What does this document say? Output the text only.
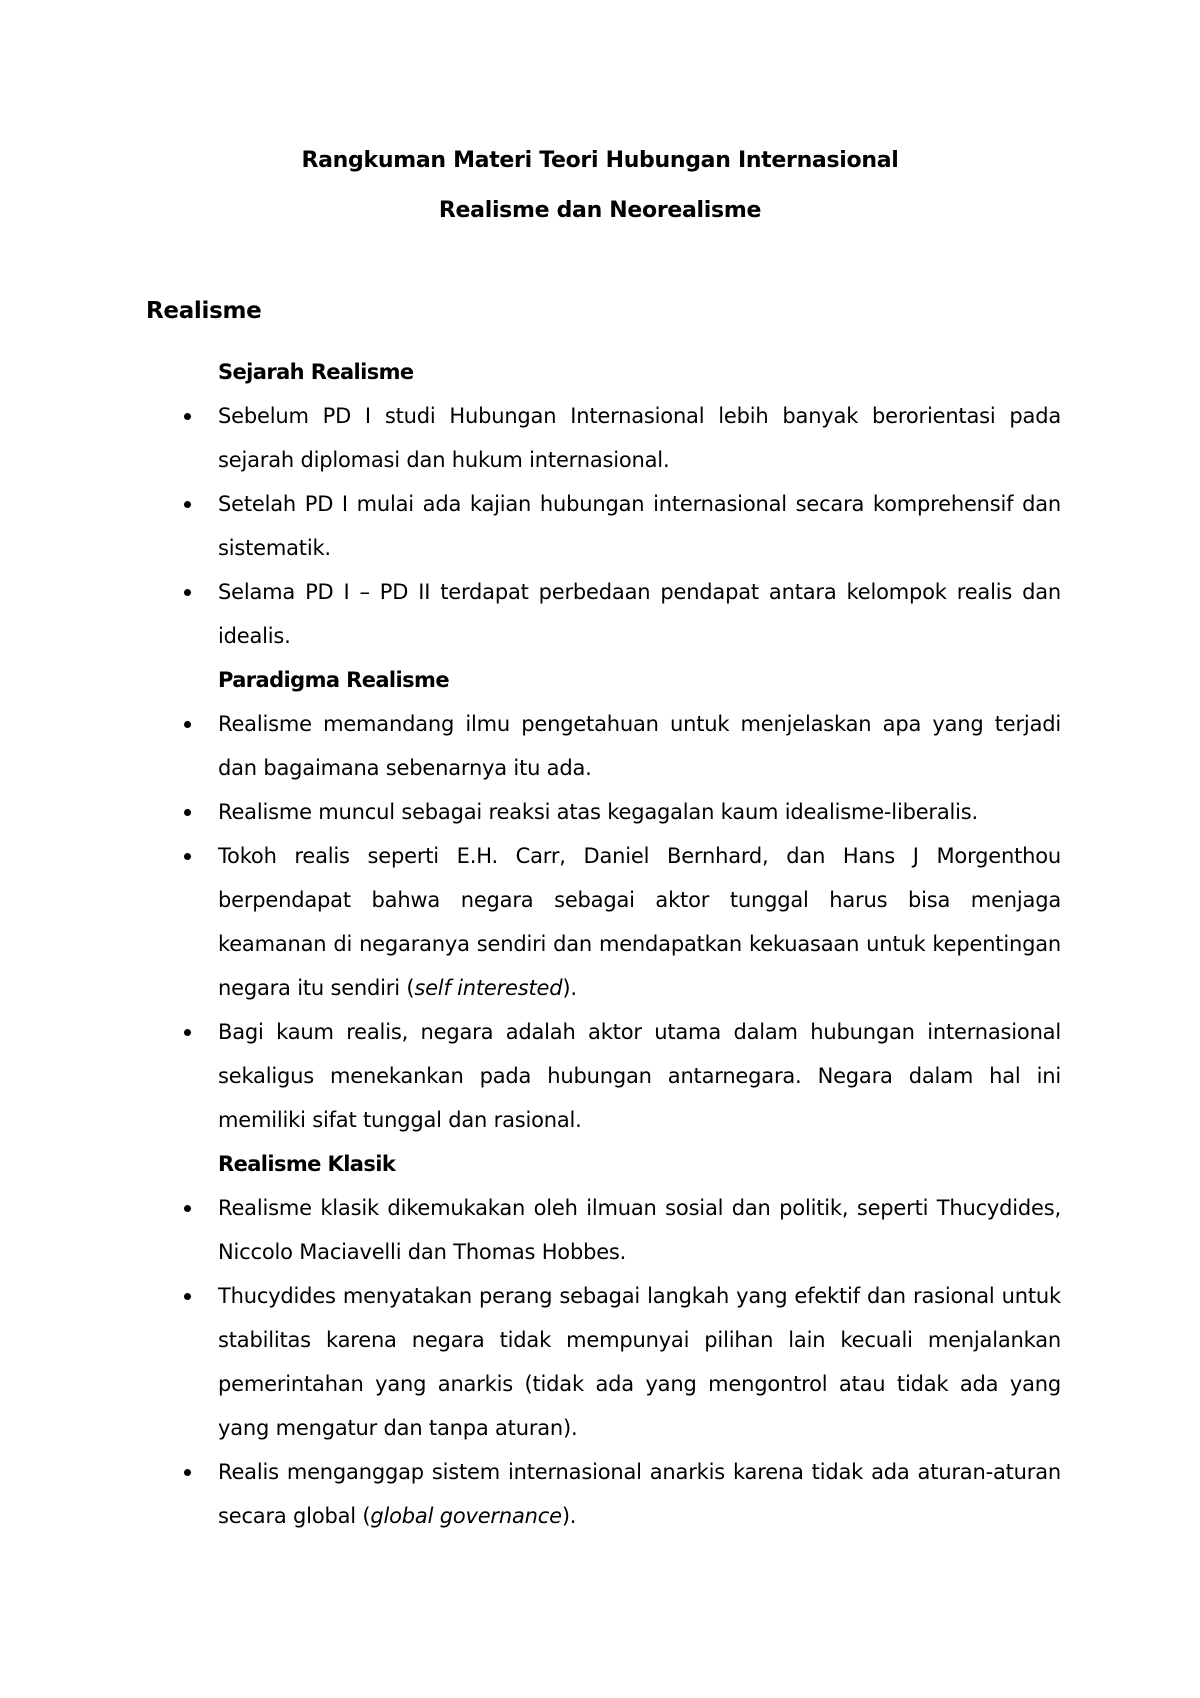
Rangkuman Materi Teori Hubungan Internasional
Realisme dan Neorealisme
Realisme
Sejarah Realisme
Sebelum PD I studi Hubungan Internasional lebih banyak berorientasi pada sejarah diplomasi dan hukum internasional.
Setelah PD I mulai ada kajian hubungan internasional secara komprehensif dan sistematik.
Selama PD I – PD II terdapat perbedaan pendapat antara kelompok realis dan idealis.
Paradigma Realisme
Realisme memandang ilmu pengetahuan untuk menjelaskan apa yang terjadi dan bagaimana sebenarnya itu ada.
Realisme muncul sebagai reaksi atas kegagalan kaum idealisme-liberalis.
Tokoh realis seperti E.H. Carr, Daniel Bernhard, dan Hans J Morgenthou berpendapat bahwa negara sebagai aktor tunggal harus bisa menjaga keamanan di negaranya sendiri dan mendapatkan kekuasaan untuk kepentingan negara itu sendiri (self interested).
Bagi kaum realis, negara adalah aktor utama dalam hubungan internasional sekaligus menekankan pada hubungan antarnegara. Negara dalam hal ini memiliki sifat tunggal dan rasional.
Realisme Klasik
Realisme klasik dikemukakan oleh ilmuan sosial dan politik, seperti Thucydides, Niccolo Maciavelli dan Thomas Hobbes.
Thucydides menyatakan perang sebagai langkah yang efektif dan rasional untuk stabilitas karena negara tidak mempunyai pilihan lain kecuali menjalankan pemerintahan yang anarkis (tidak ada yang mengontrol atau tidak ada yang yang mengatur dan tanpa aturan).
Realis menganggap sistem internasional anarkis karena tidak ada aturan-aturan secara global (global governance).
